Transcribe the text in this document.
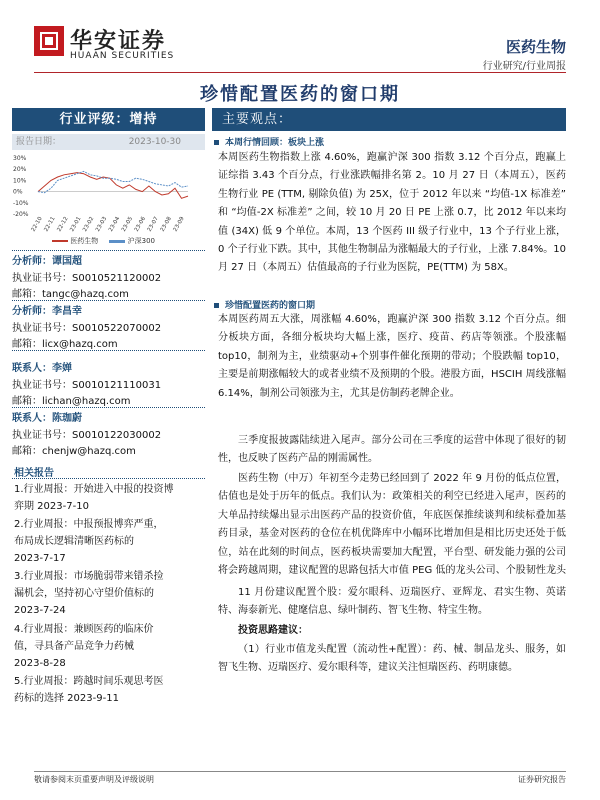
华安证券
HUAAN SECURITIES	医药生物
行业研究/行业周报
珍惜配置医药的窗口期
行业评级：增持
报告日期：	2023-10-30
30%
20%
10%
0%
-10%
-20%
22-10 22-11 22-12 23-01 23-02 23-03 23-04 23-05 23-06 23-07 23-08 23-09
医药生物	沪深300
分析师：谭国超
执业证书号：S0010521120002
邮箱：tangc@hazq.com
分析师：李昌幸
执业证书号：S0010522070002
邮箱：licx@hazq.com
联系人：李婵
执业证书号：S0010121110031
邮箱：lichan@hazq.com
联系人：陈珈蔚
执业证书号：S0010122030002
邮箱：chenjw@hazq.com
相关报告
1.行业周报：开始进入中报的投资博
弈期 2023-7-10
2.行业周报：中报预报博弈严重，
布局成长逻辑清晰医药标的
2023-7-17
3.行业周报：市场脆弱带来错杀捡
漏机会，坚持初心守望价值标的
2023-7-24
4.行业周报：兼顾医药的临床价
值，寻具备产品竞争力药械
2023-8-28
5.行业周报：跨越时间乐观思考医
药标的选择 2023-9-11
主要观点：
本周行情回顾：板块上涨
本周医药生物指数上涨 4.60%，跑赢沪深 300 指数 3.12 个百分点，跑赢上证综指 3.43 个百分点，行业涨跌幅排名第 2。10 月 27 日（本周五），医药生物行业 PE (TTM, 剔除负值) 为 25X，位于 2012 年以来 “均值-1X 标准差” 和 “均值-2X 标准差” 之间，较 10 月 20 日 PE 上涨 0.7，比 2012 年以来均值 (34X) 低 9 个单位。本周，13 个医药 III 级子行业中，13 个子行业上涨，0 个子行业下跌。其中，其他生物制品为涨幅最大的子行业，上涨 7.84%。10 月 27 日（本周五）估值最高的子行业为医院，PE(TTM) 为 58X。
珍惜配置医药的窗口期
本周医药周五大涨，周涨幅 4.60%，跑赢沪深 300 指数 3.12 个百分点。细分板块方面，各细分板块均大幅上涨，医疗、疫苗、药店等领涨。个股涨幅 top10，制剂为主，业绩驱动+个别事件催化预期的带动；个股跌幅 top10，主要是前期涨幅较大的或者业绩不及预期的个股。港股方面，HSCIH 周线涨幅 6.14%，制剂公司领涨为主，尤其是仿制药老牌企业。
三季度报披露陆续进入尾声。部分公司在三季度的运营中体现了很好的韧性，也反映了医药产品的刚需属性。
医药生物（中万）年初至今走势已经回到了 2022 年 9 月份的低点位置，估值也是处于历年的低点。我们认为：政策相关的利空已经进入尾声，医药的大单品持续爆出显示出医药产品的投资价值，年底医保推续谈判和续标叠加基药目录，基金对医药的仓位在机优降库中小幅环比增加但是相比历史还处于低位，站在此刻的时间点，医药板块需要加大配置，平台型、研发能力强的公司将会跨越周期，建议配置的思路包括大市值 PEG 低的龙头公司、个股韧性龙头
11 月份建议配置个股：爱尔眼科、迈瑞医疗、亚辉龙、君实生物、英诺特、海泰新光、健麾信息、绿叶制药、智飞生物、特宝生物。
投资思路建议：
（1）行业市值龙头配置（流动性+配置）：药、械、制品龙头、服务，如智飞生物、迈瑞医疗、爱尔眼科等，建议关注恒瑞医药、药明康德。
敬请参阅末页重要声明及评级说明	证券研究报告
